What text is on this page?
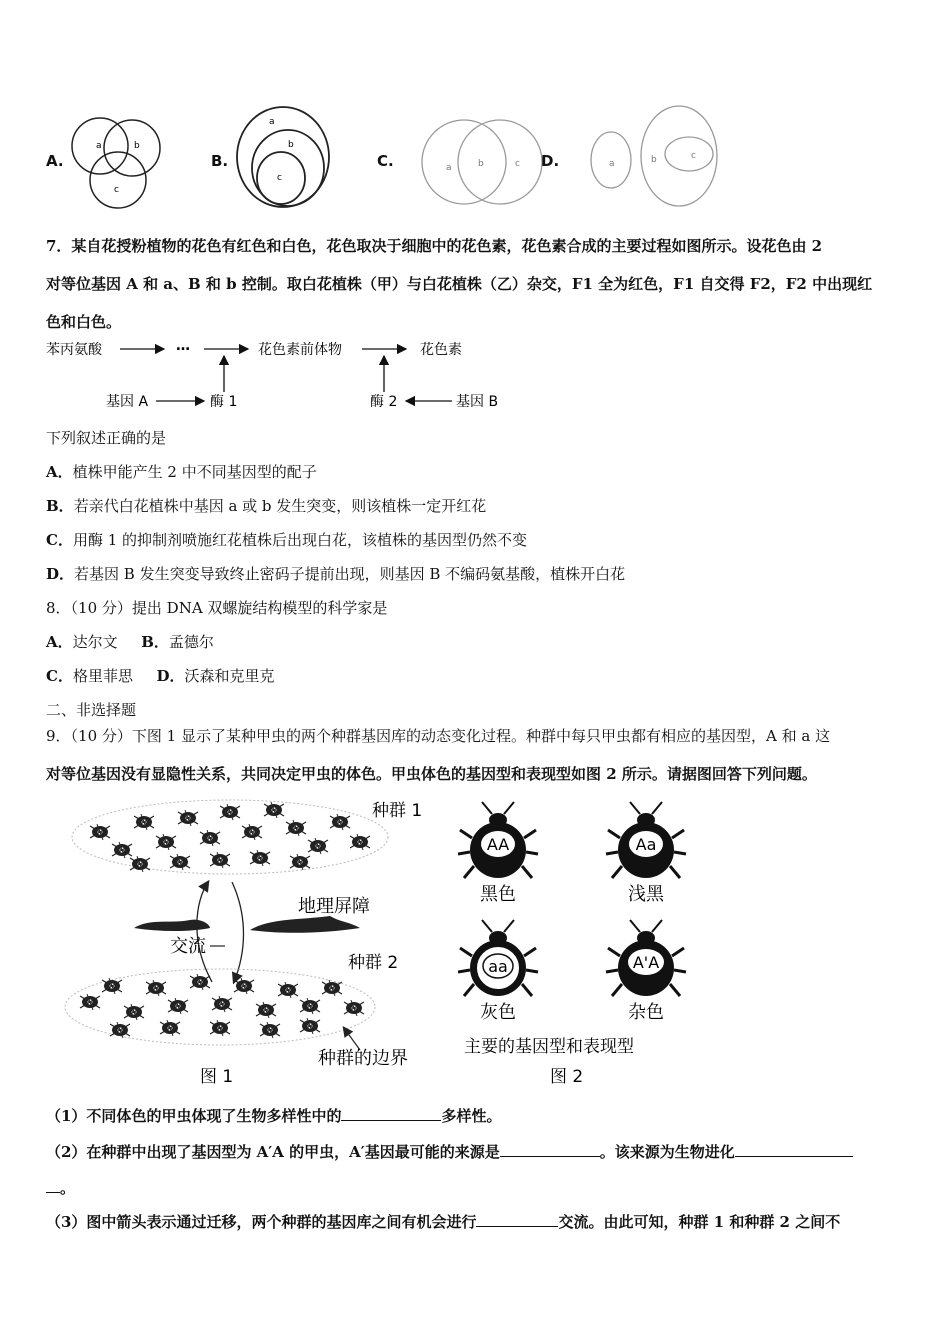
A.
a	b
c
B.
a
b
c
C.	a	b	c D.	a	b	c
7．某自花授粉植物的花色有红色和白色，花色取决于细胞中的花色素，花色素合成的主要过程如图所示。设花色由 2
对等位基因 A 和 a、B 和 b 控制。取白花植株（甲）与白花植株（乙）杂交，F1 全为红色，F1 自交得 F2，F2 中出现红
色和白色。
苯丙氨酸	…	花色素前体物	花色素
基因 A	酶 1	酶 2	基因 B
下列叙述正确的是
A．植株甲能产生 2 中不同基因型的配子
B．若亲代白花植株中基因 a 或 b 发生突变，则该植株一定开红花
C．用酶 1 的抑制剂喷施红花植株后出现白花，该植株的基因型仍然不变
D．若基因 B 发生突变导致终止密码子提前出现，则基因 B 不编码氨基酸，植株开白花
8．（10 分）提出 DNA 双螺旋结构模型的科学家是
A．达尔文 B．孟德尔
C．格里菲思 D．沃森和克里克
二、非选择题
9．（10 分）下图 1 显示了某种甲虫的两个种群基因库的动态变化过程。种群中每只甲虫都有相应的基因型，A 和 a 这
对等位基因没有显隐性关系，共同决定甲虫的体色。甲虫体色的基因型和表现型如图 2 所示。请据图回答下列问题。
种群 1
地理屏障
交流
种群 2
种群的边界
图 1
AA
黑色
Aa
浅黑
aa
灰色
A'A
杂色
主要的基因型和表现型
图 2
（1）不同体色的甲虫体现了生物多样性中的	多样性。
（2）在种群中出现了基因型为 A′A 的甲虫，A′基因最可能的来源是	。该来源为生物进化
。
（3）图中箭头表示通过迁移，两个种群的基因库之间有机会进行	交流。由此可知，种群 1 和种群 2 之间不
